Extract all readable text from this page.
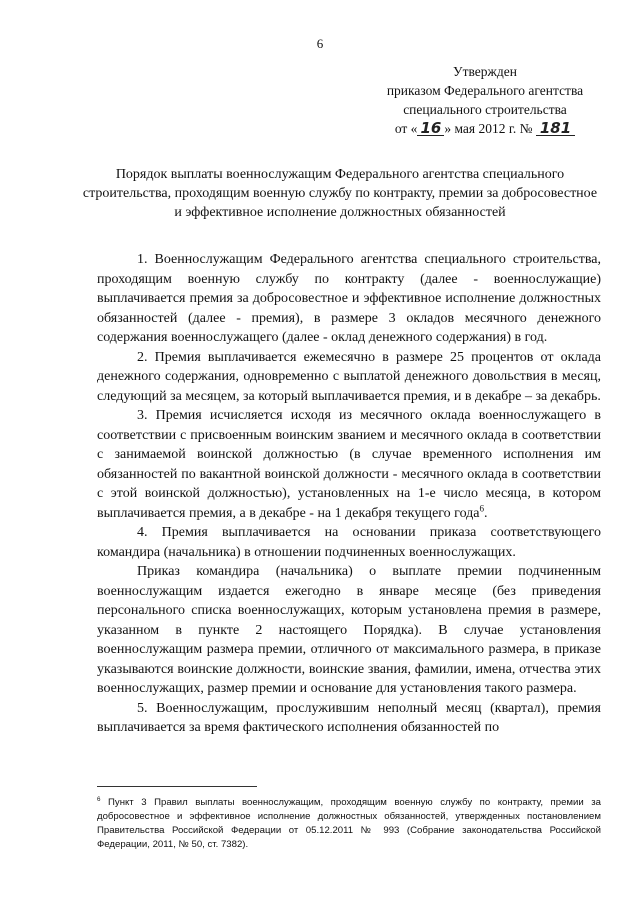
6
Утвержден
приказом Федерального агентства
специального строительства
от « 16 » мая 2012 г. № 181
Порядок выплаты военнослужащим Федерального агентства специального строительства, проходящим военную службу по контракту, премии за добросовестное и эффективное исполнение должностных обязанностей

1. Военнослужащим Федерального агентства специального строительства, проходящим военную службу по контракту (далее - военнослужащие) выплачивается премия за добросовестное и эффективное исполнение должностных обязанностей (далее - премия), в размере 3 окладов месячного денежного содержания военнослужащего (далее - оклад денежного содержания) в год.

2. Премия выплачивается ежемесячно в размере 25 процентов от оклада денежного содержания, одновременно с выплатой денежного довольствия в месяц, следующий за месяцем, за который выплачивается премия, и в декабре – за декабрь.

3. Премия исчисляется исходя из месячного оклада военнослужащего в соответствии с присвоенным воинским званием и месячного оклада в соответствии с занимаемой воинской должностью (в случае временного исполнения им обязанностей по вакантной воинской должности - месячного оклада в соответствии с этой воинской должностью), установленных на 1-е число месяца, в котором выплачивается премия, а в декабре - на 1 декабря текущего года$^6$.

4. Премия выплачивается на основании приказа соответствующего командира (начальника) в отношении подчиненных военнослужащих.

Приказ командира (начальника) о выплате премии подчиненным военнослужащим издается ежегодно в январе месяце (без приведения персонального списка военнослужащих, которым установлена премия в размере, указанном в пункте 2 настоящего Порядка). В случае установления военнослужащим размера премии, отличного от максимального размера, в приказе указываются воинские должности, воинские звания, фамилии, имена, отчества этих военнослужащих, размер премии и основание для установления такого размера.

5. Военнослужащим, прослужившим неполный месяц (квартал), премия выплачивается за время фактического исполнения обязанностей по

$^6$ Пункт 3 Правил выплаты военнослужащим, проходящим военную службу по контракту, премии за добросовестное и эффективное исполнение должностных обязанностей, утвержденных постановлением Правительства Российской Федерации от 05.12.2011 № 993 (Собрание законодательства Российской Федерации, 2011, № 50, ст. 7382).
